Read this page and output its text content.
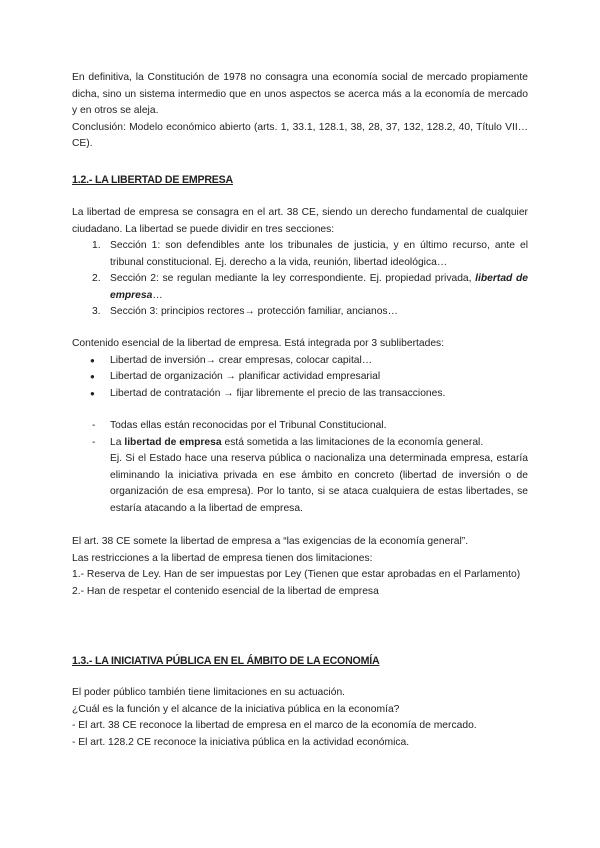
En definitiva, la Constitución de 1978 no consagra una economía social de mercado propiamente dicha, sino un sistema intermedio que en unos aspectos se acerca más a la economía de mercado y en otros se aleja.

Conclusión: Modelo económico abierto (arts. 1, 33.1, 128.1, 38, 28, 37, 132, 128.2, 40, Título VII… CE).

1.2.- LA LIBERTAD DE EMPRESA

La libertad de empresa se consagra en el art. 38 CE, siendo un derecho fundamental de cualquier ciudadano. La libertad se puede dividir en tres secciones:

1. Sección 1: son defendibles ante los tribunales de justicia, y en último recurso, ante el tribunal constitucional. Ej. derecho a la vida, reunión, libertad ideológica…
2. Sección 2: se regulan mediante la ley correspondiente. Ej. propiedad privada, libertad de empresa…
3. Sección 3: principios rectores→ protección familiar, ancianos…

Contenido esencial de la libertad de empresa. Está integrada por 3 sublibertades:

● Libertad de inversión→ crear empresas, colocar capital…
● Libertad de organización → planificar actividad empresarial
● Libertad de contratación → fijar libremente el precio de las transacciones.
- Todas ellas están reconocidas por el Tribunal Constitucional.
- La libertad de empresa está sometida a las limitaciones de la economía general.

Ej. Si el Estado hace una reserva pública o nacionaliza una determinada empresa, estaría eliminando la iniciativa privada en ese ámbito en concreto (libertad de inversión o de organización de esa empresa). Por lo tanto, si se ataca cualquiera de estas libertades, se estaría atacando a la libertad de empresa.

El art. 38 CE somete la libertad de empresa a “las exigencias de la economía general”.

Las restricciones a la libertad de empresa tienen dos limitaciones:

1.- Reserva de Ley. Han de ser impuestas por Ley (Tienen que estar aprobadas en el Parlamento)

2.- Han de respetar el contenido esencial de la libertad de empresa

1.3.- LA INICIATIVA PÚBLICA EN EL ÁMBITO DE LA ECONOMÍA

El poder público también tiene limitaciones en su actuación.

¿Cuál es la función y el alcance de la iniciativa pública en la economía?

- El art. 38 CE reconoce la libertad de empresa en el marco de la economía de mercado.

- El art. 128.2 CE reconoce la iniciativa pública en la actividad económica.
